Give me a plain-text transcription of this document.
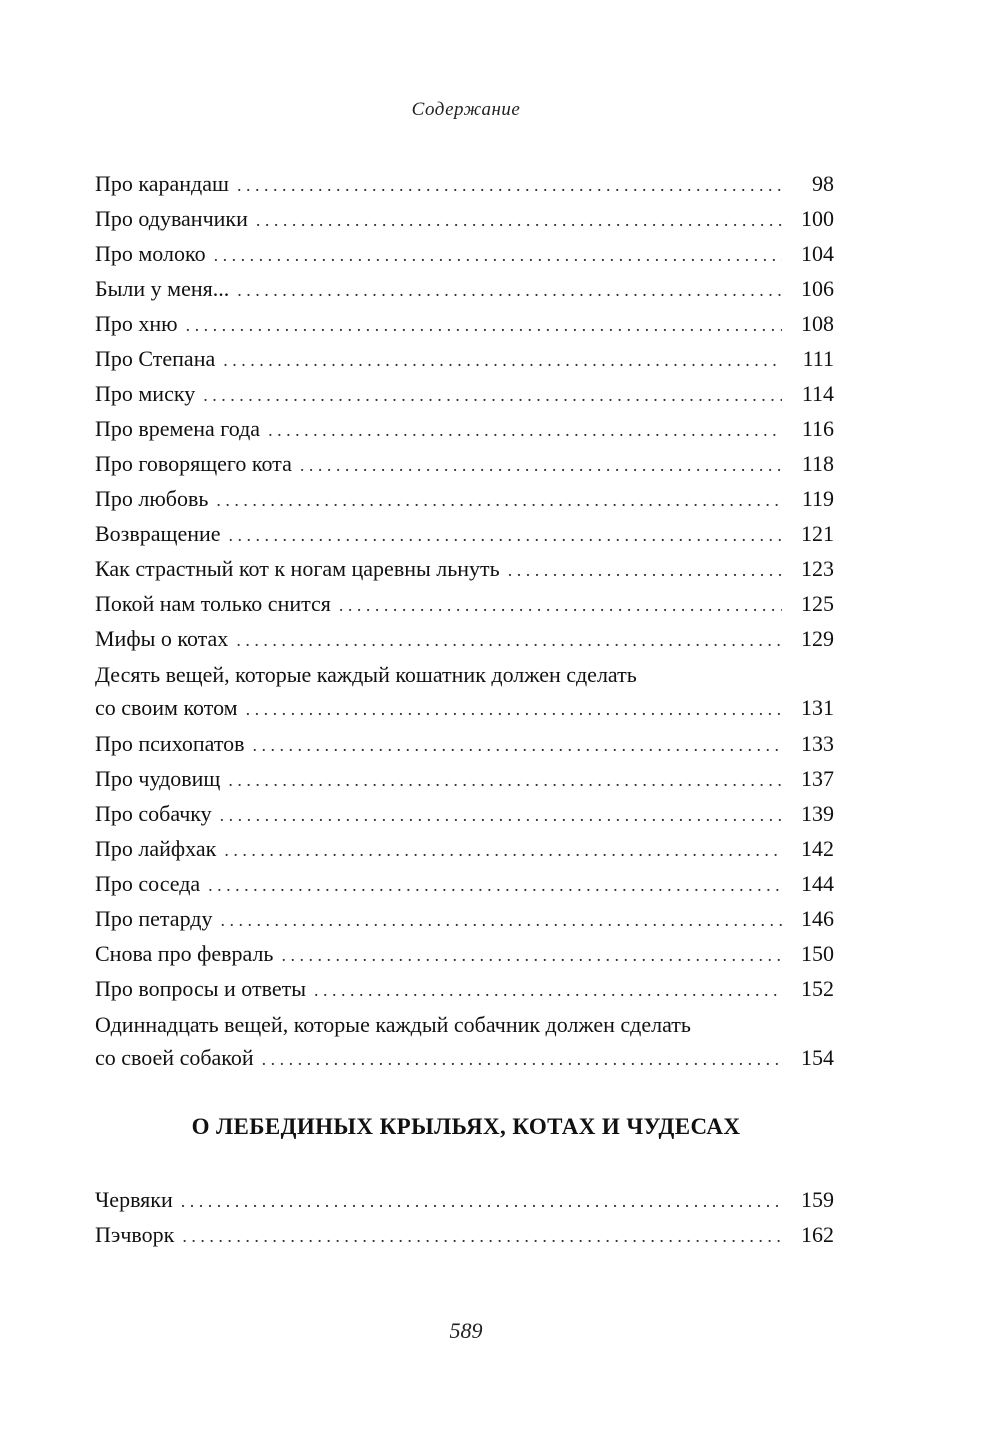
Содержание
Про карандаш . . .	98
Про одуванчики . . .	100
Про молоко . . .	104
Были у меня... . . .	106
Про хню . . .	108
Про Степана . . .	111
Про миску . . .	114
Про времена года . . .	116
Про говорящего кота . . .	118
Про любовь . . .	119
Возвращение . . .	121
Как страстный кот к ногам царевны льнуть . . .	123
Покой нам только снится . . .	125
Мифы о котах . . .	129
Десять вещей, которые каждый кошатник должен сделать
со своим котом . . .	131
Про психопатов . . .	133
Про чудовищ . . .	137
Про собачку . . .	139
Про лайфхак . . .	142
Про соседа . . .	144
Про петарду . . .	146
Снова про февраль . . .	150
Про вопросы и ответы . . .	152
Одиннадцать вещей, которые каждый собачник должен сделать
со своей собакой . . .	154
О ЛЕБЕДИНЫХ КРЫЛЬЯХ, КОТАХ И ЧУДЕСАХ
Червяки . . .	159
Пэчворк . . .	162
589
